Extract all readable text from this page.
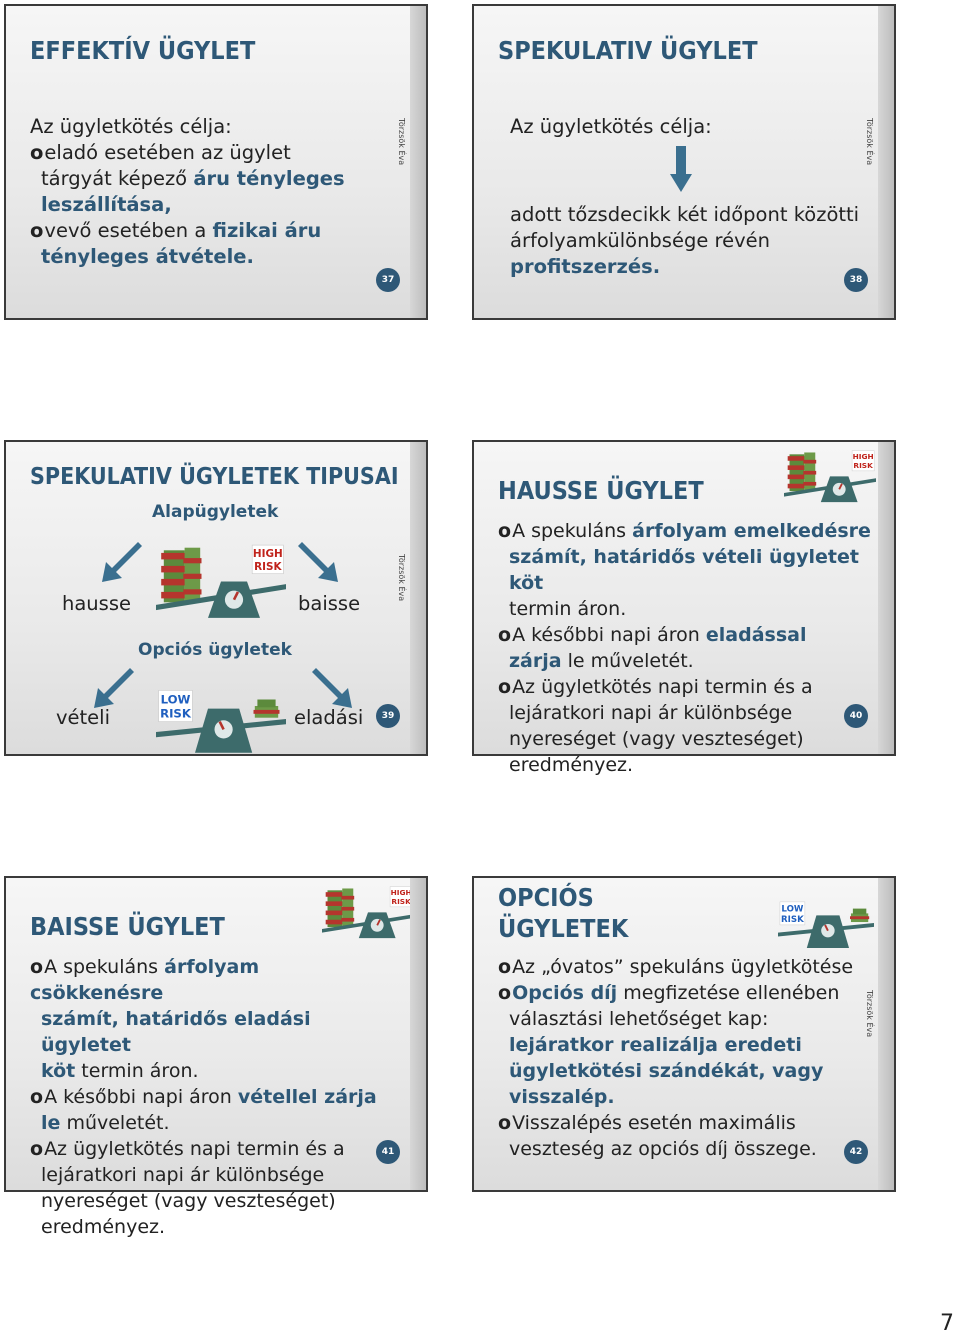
EFFEKTÍV ÜGYLET
Az ügyletkötés célja:
oeladó esetében az ügylet
tárgyát képező áru tényleges
leszállítása,
ovevő esetében a fizikai áru
tényleges átvétele.
Törzsök Éva
37
SPEKULATIV ÜGYLET
Az ügyletkötés célja:
adott tőzsdecikk két időpont közötti
árfolyamkülönbsége révén
profitszerzés.
Törzsök Éva
38
SPEKULATIV ÜGYLETEK TIPUSAI
Alapügyletek
hausse	baisse
Opciós ügyletek
vételi	eladási
Törzsök Éva
39
HAUSSE ÜGYLET
oA spekuláns árfolyam emelkedésre
számít, határidős vételi ügyletet köt
termin áron.
oA későbbi napi áron eladással
zárja le műveletét.
oAz ügyletkötés napi termin és a
lejáratkori napi ár különbsége
nyereséget (vagy veszteséget)
eredményez.
40
BAISSE ÜGYLET
oA spekuláns árfolyam csökkenésre
számít, határidős eladási ügyletet
köt termin áron.
oA későbbi napi áron vétellel zárja
le műveletét.
oAz ügyletkötés napi termin és a
lejáratkori napi ár különbsége
nyereséget (vagy veszteséget)
eredményez.
41
OPCIÓS
ÜGYLETEK
oAz „óvatos” spekuláns ügyletkötése
oOpciós díj megfizetése ellenében
választási lehetőséget kap:
lejáratkor realizálja eredeti
ügyletkötési szándékát, vagy
visszalép.
oVisszalépés esetén maximális
veszteség az opciós díj összege.
Törzsök Éva
42
7
